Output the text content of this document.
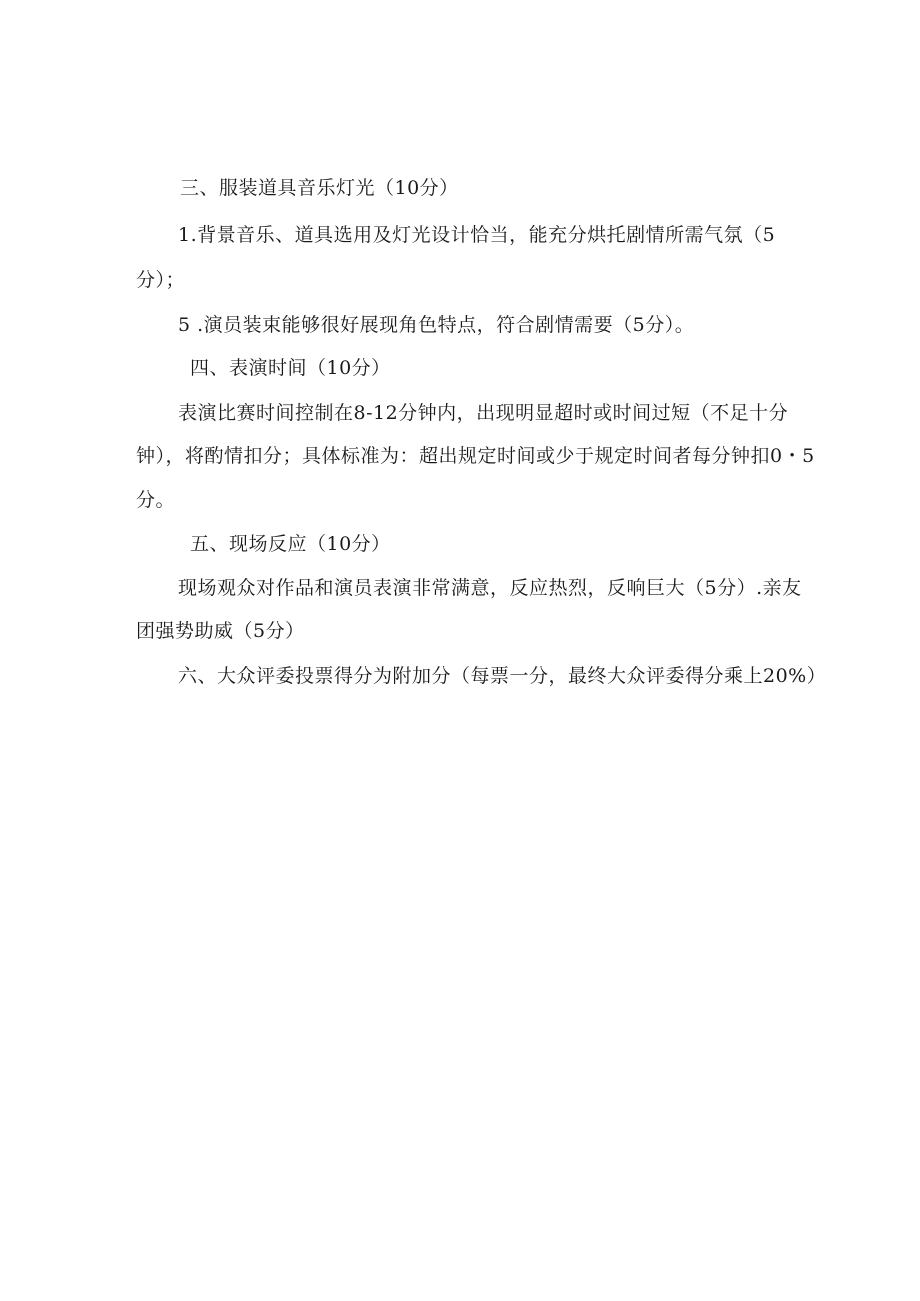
三、服装道具音乐灯光（10分）
1.背景音乐、道具选用及灯光设计恰当，能充分烘托剧情所需气氛（5
分）；
5 .演员装束能够很好展现角色特点，符合剧情需要（5分）。
四、表演时间（10分）
表演比赛时间控制在8-12分钟内，出现明显超时或时间过短（不足十分
钟），将酌情扣分；具体标准为：超出规定时间或少于规定时间者每分钟扣0・5
分。
五、现场反应（10分）
现场观众对作品和演员表演非常满意，反应热烈，反响巨大（5分）.亲友
团强势助威（5分）
六、大众评委投票得分为附加分（每票一分，最终大众评委得分乘上20%）
